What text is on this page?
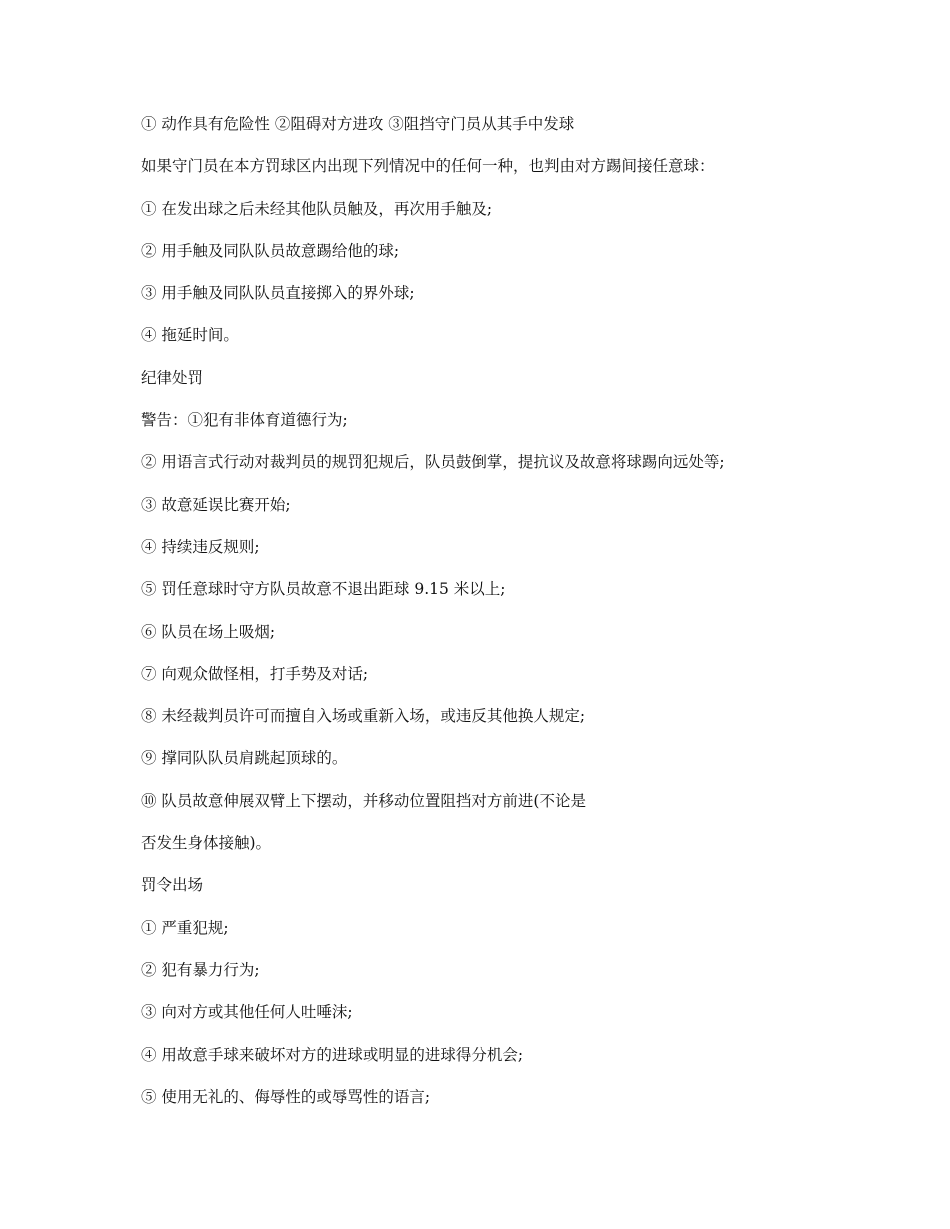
① 动作具有危险性 ②阻碍对方进攻 ③阻挡守门员从其手中发球
如果守门员在本方罚球区内出现下列情况中的任何一种，也判由对方踢间接任意球：
① 在发出球之后未经其他队员触及，再次用手触及;
② 用手触及同队队员故意踢给他的球;
③ 用手触及同队队员直接掷入的界外球;
④ 拖延时间。
纪律处罚
警告：①犯有非体育道德行为;
② 用语言式行动对裁判员的规罚犯规后，队员鼓倒掌，提抗议及故意将球踢向远处等;
③ 故意延误比赛开始;
④ 持续违反规则;
⑤ 罚任意球时守方队员故意不退出距球 9.15 米以上;
⑥ 队员在场上吸烟;
⑦ 向观众做怪相，打手势及对话;
⑧ 未经裁判员许可而擅自入场或重新入场，或违反其他换人规定;
⑨ 撑同队队员肩跳起顶球的。
⑩ 队员故意伸展双臂上下摆动，并移动位置阻挡对方前进(不论是
否发生身体接触)。
罚令出场
① 严重犯规;
② 犯有暴力行为;
③ 向对方或其他任何人吐唾沫;
④ 用故意手球来破坏对方的进球或明显的进球得分机会;
⑤ 使用无礼的、侮辱性的或辱骂性的语言;
